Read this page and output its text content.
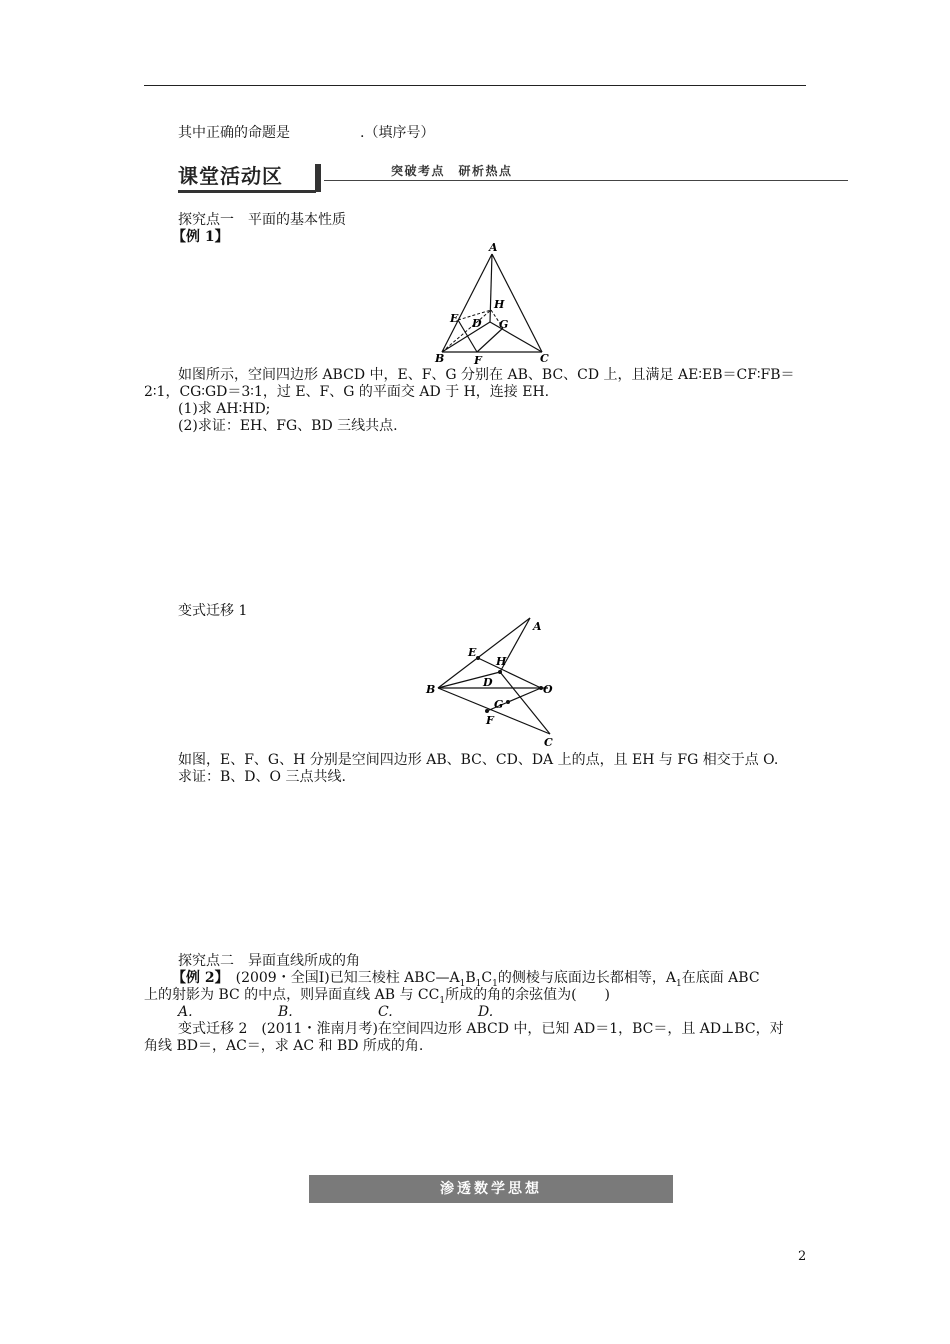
其中正确的命题是	.（填序号）
课堂活动区	突破考点　研析热点
探究点一　平面的基本性质
【例 1】
A
H
E D G
B	F	C
如图所示，空间四边形 ABCD 中，E、F、G 分别在 AB、BC、CD 上，且满足 AE∶EB＝CF∶FB＝
2∶1，CG∶GD＝3∶1，过 E、F、G 的平面交 AD 于 H，连接 EH.
(1)求 AH∶HD;
(2)求证：EH、FG、BD 三线共点.
变式迁移 1
A
E
H
D
O
B
G
F
C
如图，E、F、G、H 分别是空间四边形 AB、BC、CD、DA 上的点，且 EH 与 FG 相交于点 O.
求证：B、D、O 三点共线.
探究点二　异面直线所成的角
【例 2】　 (2009・全国Ⅰ)已知三棱柱 $ABC—A_1B_1C_1$的侧棱与底面边长都相等，$A_1$在底面 ABC
上的射影为 BC 的中点，则异面直线 AB 与 $CC_1$所成的角的余弦值为(　　)
A.	B.	C.	D.
变式迁移 2　(2011・淮南月考)在空间四边形 ABCD 中，已知 AD＝1，BC＝，且 AD⊥BC，对
角线 BD＝，AC＝，求 AC 和 BD 所成的角.
渗透数学思想
2
